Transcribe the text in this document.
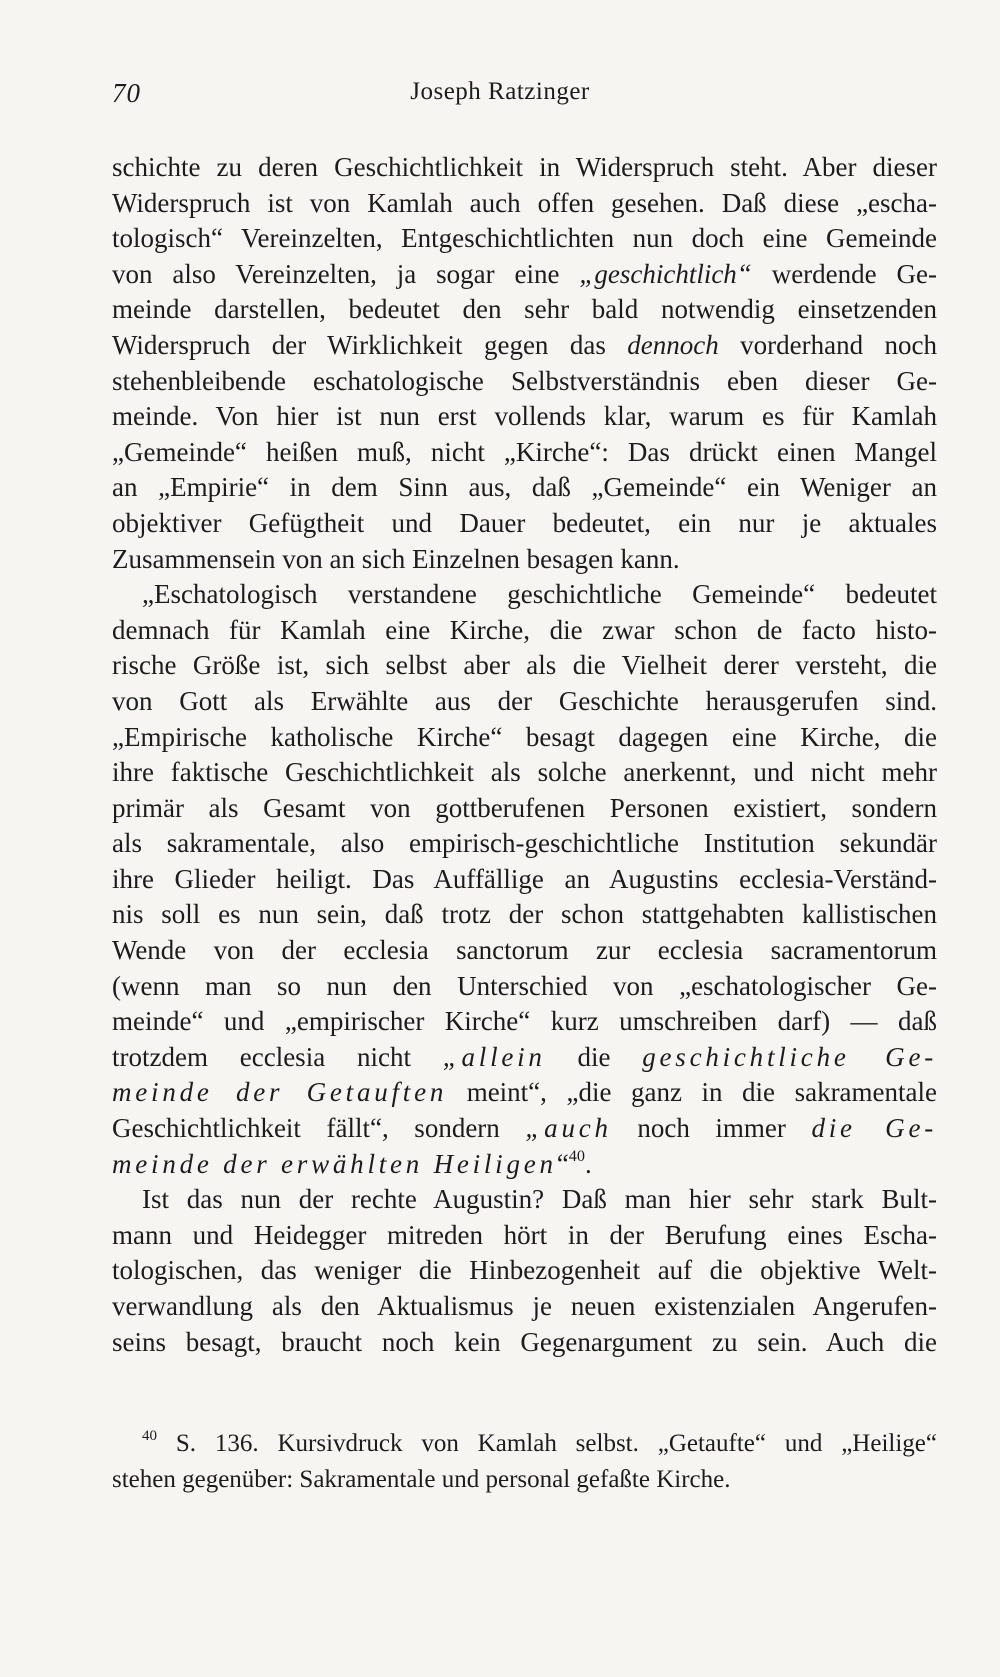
70	Joseph Ratzinger
schichte zu deren Geschichtlichkeit in Widerspruch steht. Aber dieser
Widerspruch ist von Kamlah auch offen gesehen. Daß diese „escha-
tologisch“ Vereinzelten, Entgeschichtlichten nun doch eine Gemeinde
von also Vereinzelten, ja sogar eine „geschichtlich“ werdende Ge-
meinde darstellen, bedeutet den sehr bald notwendig einsetzenden
Widerspruch der Wirklichkeit gegen das dennoch vorderhand noch
stehenbleibende eschatologische Selbstverständnis eben dieser Ge-
meinde. Von hier ist nun erst vollends klar, warum es für Kamlah
„Gemeinde“ heißen muß, nicht „Kirche“: Das drückt einen Mangel
an „Empirie“ in dem Sinn aus, daß „Gemeinde“ ein Weniger an
objektiver Gefügtheit und Dauer bedeutet, ein nur je aktuales
Zusammensein von an sich Einzelnen besagen kann.
„Eschatologisch verstandene geschichtliche Gemeinde“ bedeutet
demnach für Kamlah eine Kirche, die zwar schon de facto histo-
rische Größe ist, sich selbst aber als die Vielheit derer versteht, die
von Gott als Erwählte aus der Geschichte herausgerufen sind.
„Empirische katholische Kirche“ besagt dagegen eine Kirche, die
ihre faktische Geschichtlichkeit als solche anerkennt, und nicht mehr
primär als Gesamt von gottberufenen Personen existiert, sondern
als sakramentale, also empirisch-geschichtliche Institution sekundär
ihre Glieder heiligt. Das Auffällige an Augustins ecclesia-Verständ-
nis soll es nun sein, daß trotz der schon stattgehabten kallistischen
Wende von der ecclesia sanctorum zur ecclesia sacramentorum
(wenn man so nun den Unterschied von „eschatologischer Ge-
meinde“ und „empirischer Kirche“ kurz umschreiben darf) — daß
trotzdem ecclesia nicht „allein die geschichtliche Ge-
meinde der Getauften meint“, „die ganz in die sakramentale
Geschichtlichkeit fällt“, sondern „auch noch immer die Ge-
meinde der erwählten Heiligen“$^{40}$.
Ist das nun der rechte Augustin? Daß man hier sehr stark Bult-
mann und Heidegger mitreden hört in der Berufung eines Escha-
tologischen, das weniger die Hinbezogenheit auf die objektive Welt-
verwandlung als den Aktualismus je neuen existenzialen Angerufen-
seins besagt, braucht noch kein Gegenargument zu sein. Auch die
$^{40}$ S. 136. Kursivdruck von Kamlah selbst. „Getaufte“ und „Heilige“
stehen gegenüber: Sakramentale und personal gefaßte Kirche.
